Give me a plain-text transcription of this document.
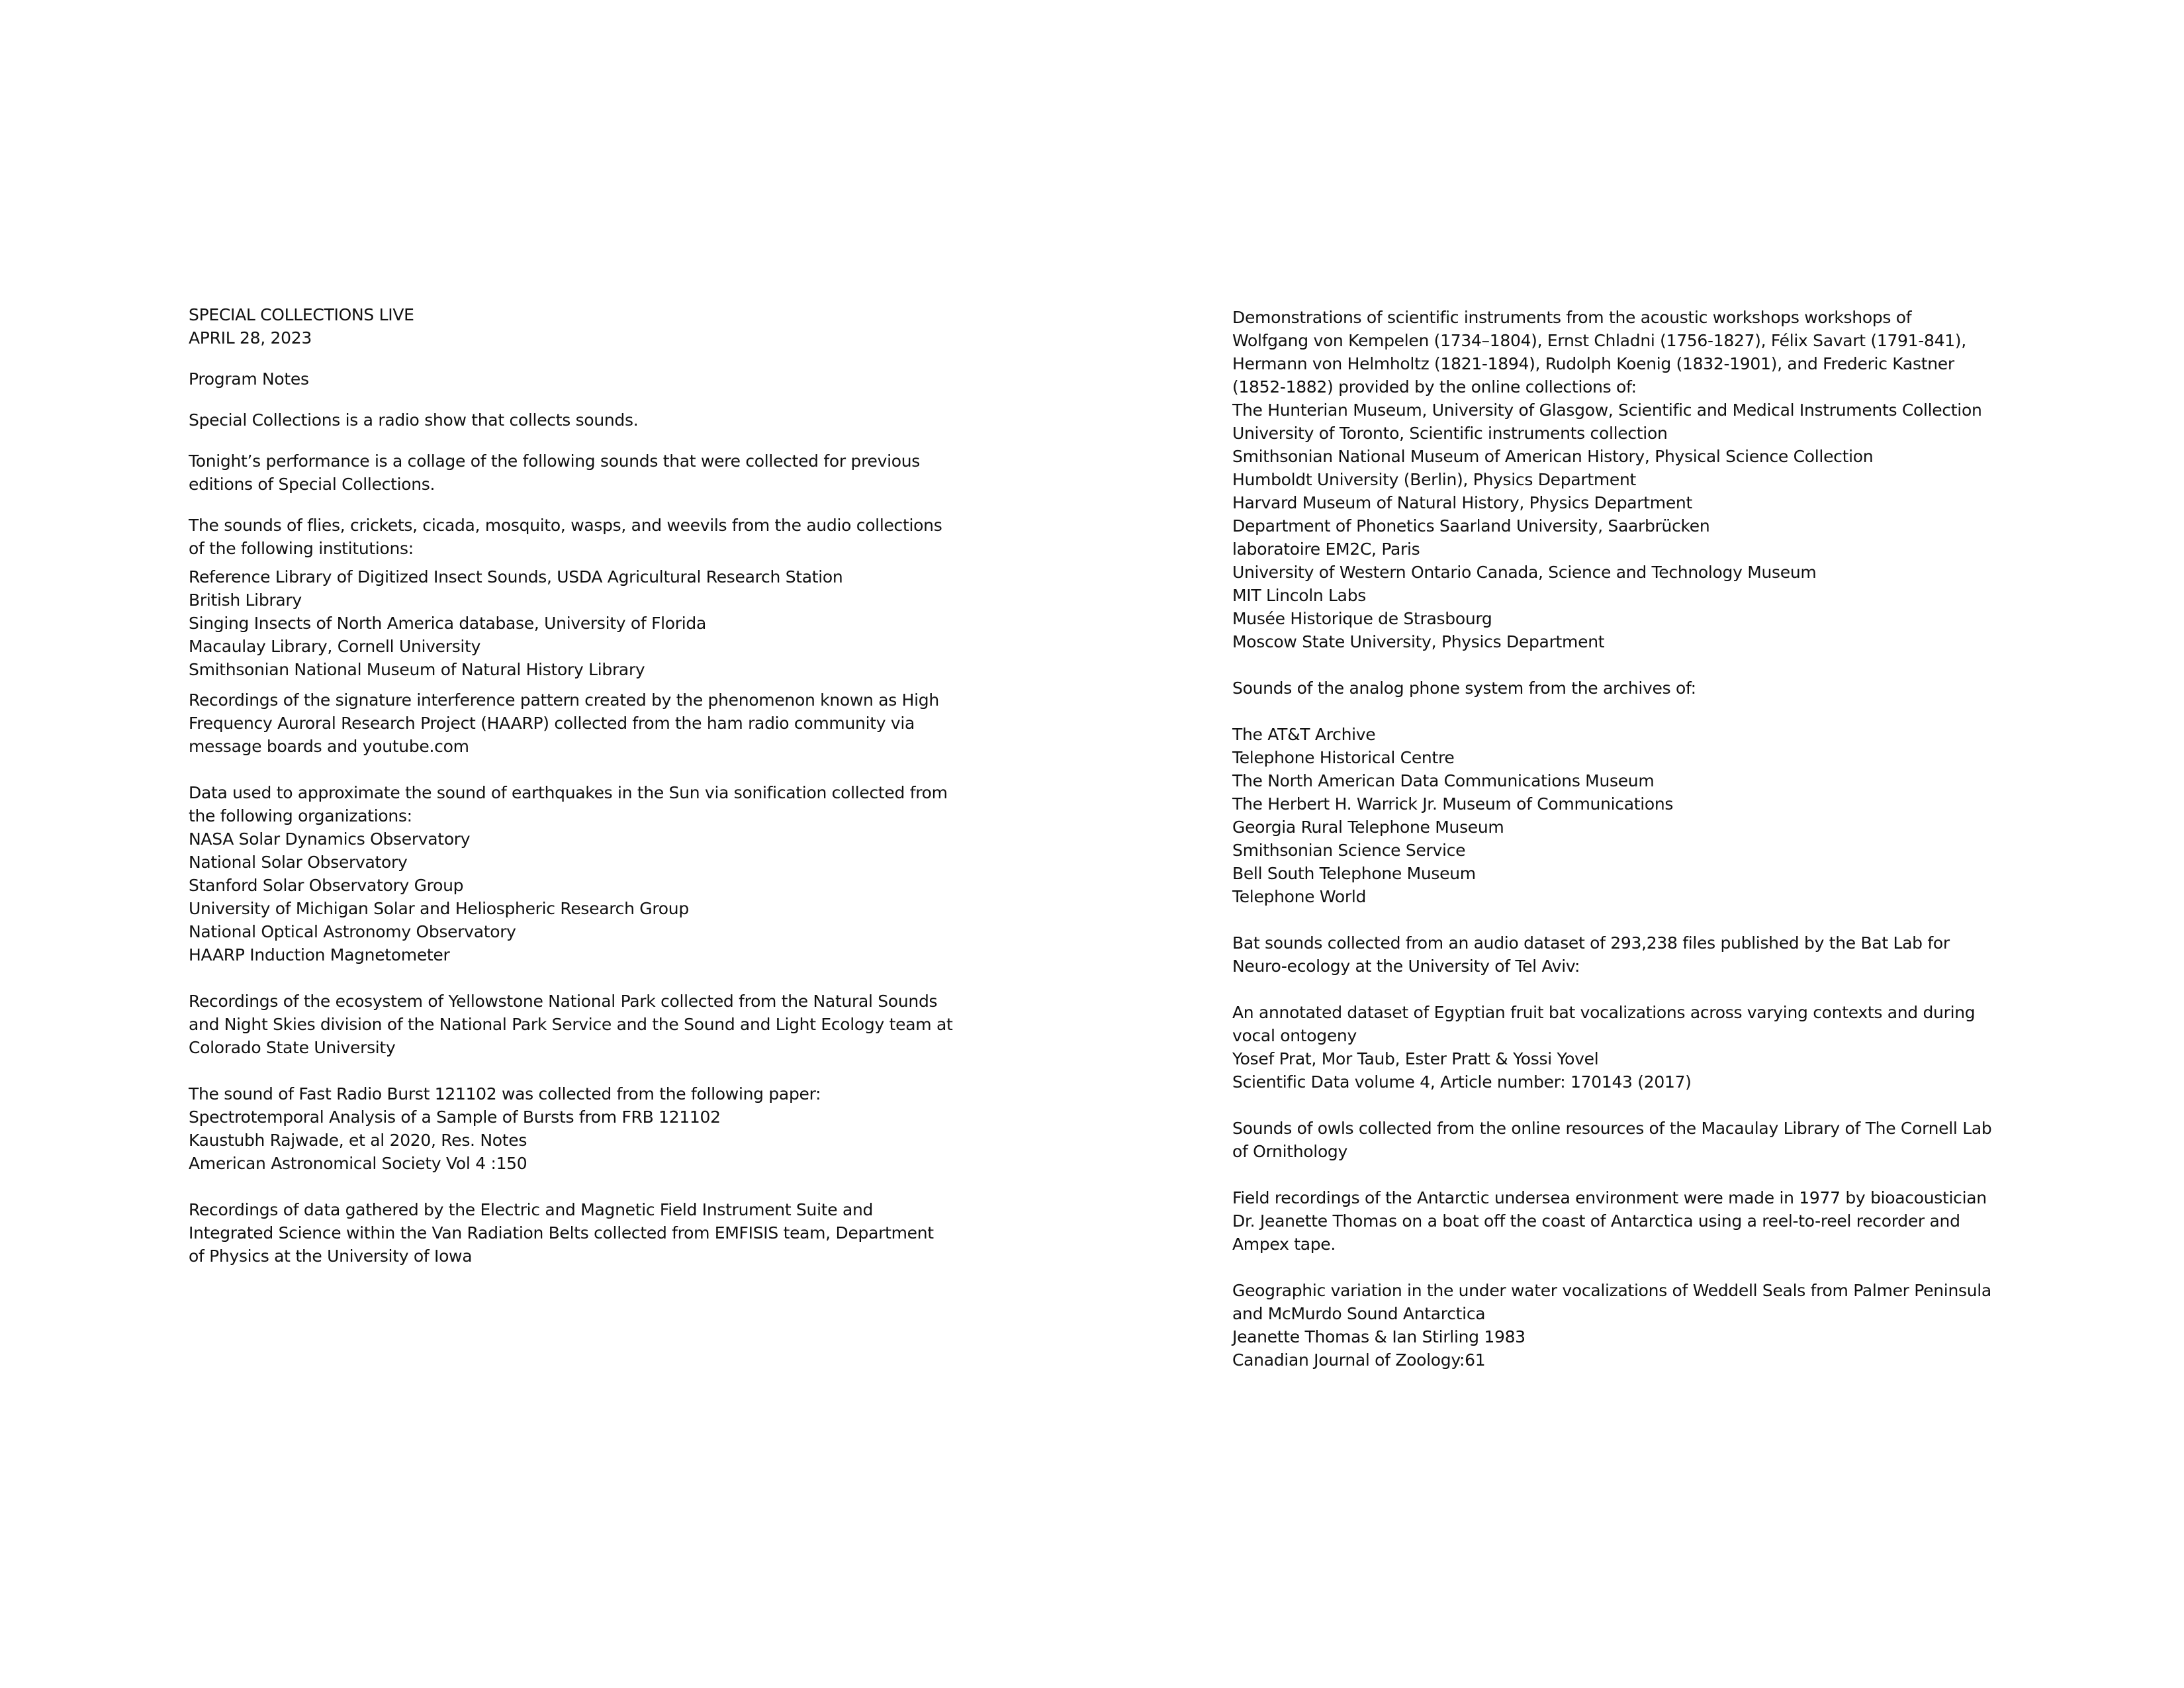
SPECIAL COLLECTIONS LIVE
APRIL 28, 2023
Program Notes
Special Collections is a radio show that collects sounds.
Tonight’s performance is a collage of the following sounds that were collected for previous
editions of Special Collections.
The sounds of flies, crickets, cicada, mosquito, wasps, and weevils from the audio collections
of the following institutions:
Reference Library of Digitized Insect Sounds, USDA Agricultural Research Station
British Library
Singing Insects of North America database, University of Florida
Macaulay Library, Cornell University
Smithsonian National Museum of Natural History Library
Recordings of the signature interference pattern created by the phenomenon known as High
Frequency Auroral Research Project (HAARP) collected from the ham radio community via
message boards and youtube.com
Data used to approximate the sound of earthquakes in the Sun via sonification collected from
the following organizations:
NASA Solar Dynamics Observatory
National Solar Observatory
Stanford Solar Observatory Group
University of Michigan Solar and Heliospheric Research Group
National Optical Astronomy Observatory
HAARP Induction Magnetometer
Recordings of the ecosystem of Yellowstone National Park collected from the Natural Sounds
and Night Skies division of the National Park Service and the Sound and Light Ecology team at
Colorado State University
The sound of Fast Radio Burst 121102 was collected from the following paper:
Spectrotemporal Analysis of a Sample of Bursts from FRB 121102
Kaustubh Rajwade, et al 2020, Res. Notes
American Astronomical Society Vol 4 :150
Recordings of data gathered by the Electric and Magnetic Field Instrument Suite and
Integrated Science within the Van Radiation Belts collected from EMFISIS team, Department
of Physics at the University of Iowa
Demonstrations of scientific instruments from the acoustic workshops workshops of
Wolfgang von Kempelen (1734–1804), Ernst Chladni (1756-1827), Félix Savart (1791-841),
Hermann von Helmholtz (1821-1894), Rudolph Koenig (1832-1901), and Frederic Kastner
(1852-1882) provided by the online collections of:
The Hunterian Museum, University of Glasgow, Scientific and Medical Instruments Collection
University of Toronto, Scientific instruments collection
Smithsonian National Museum of American History, Physical Science Collection
Humboldt University (Berlin), Physics Department
Harvard Museum of Natural History, Physics Department
Department of Phonetics Saarland University, Saarbrücken
laboratoire EM2C, Paris
University of Western Ontario Canada, Science and Technology Museum
MIT Lincoln Labs
Musée Historique de Strasbourg
Moscow State University, Physics Department
Sounds of the analog phone system from the archives of:
The AT&T Archive
Telephone Historical Centre
The North American Data Communications Museum
The Herbert H. Warrick Jr. Museum of Communications
Georgia Rural Telephone Museum
Smithsonian Science Service
Bell South Telephone Museum
Telephone World
Bat sounds collected from an audio dataset of 293,238 files published by the Bat Lab for
Neuro-ecology at the University of Tel Aviv:
An annotated dataset of Egyptian fruit bat vocalizations across varying contexts and during
vocal ontogeny
Yosef Prat, Mor Taub, Ester Pratt & Yossi Yovel
Scientific Data volume 4, Article number: 170143 (2017)
Sounds of owls collected from the online resources of the Macaulay Library of The Cornell Lab
of Ornithology
Field recordings of the Antarctic undersea environment were made in 1977 by bioacoustician
Dr. Jeanette Thomas on a boat off the coast of Antarctica using a reel-to-reel recorder and
Ampex tape.
Geographic variation in the under water vocalizations of Weddell Seals from Palmer Peninsula
and McMurdo Sound Antarctica
Jeanette Thomas & Ian Stirling 1983
Canadian Journal of Zoology:61
